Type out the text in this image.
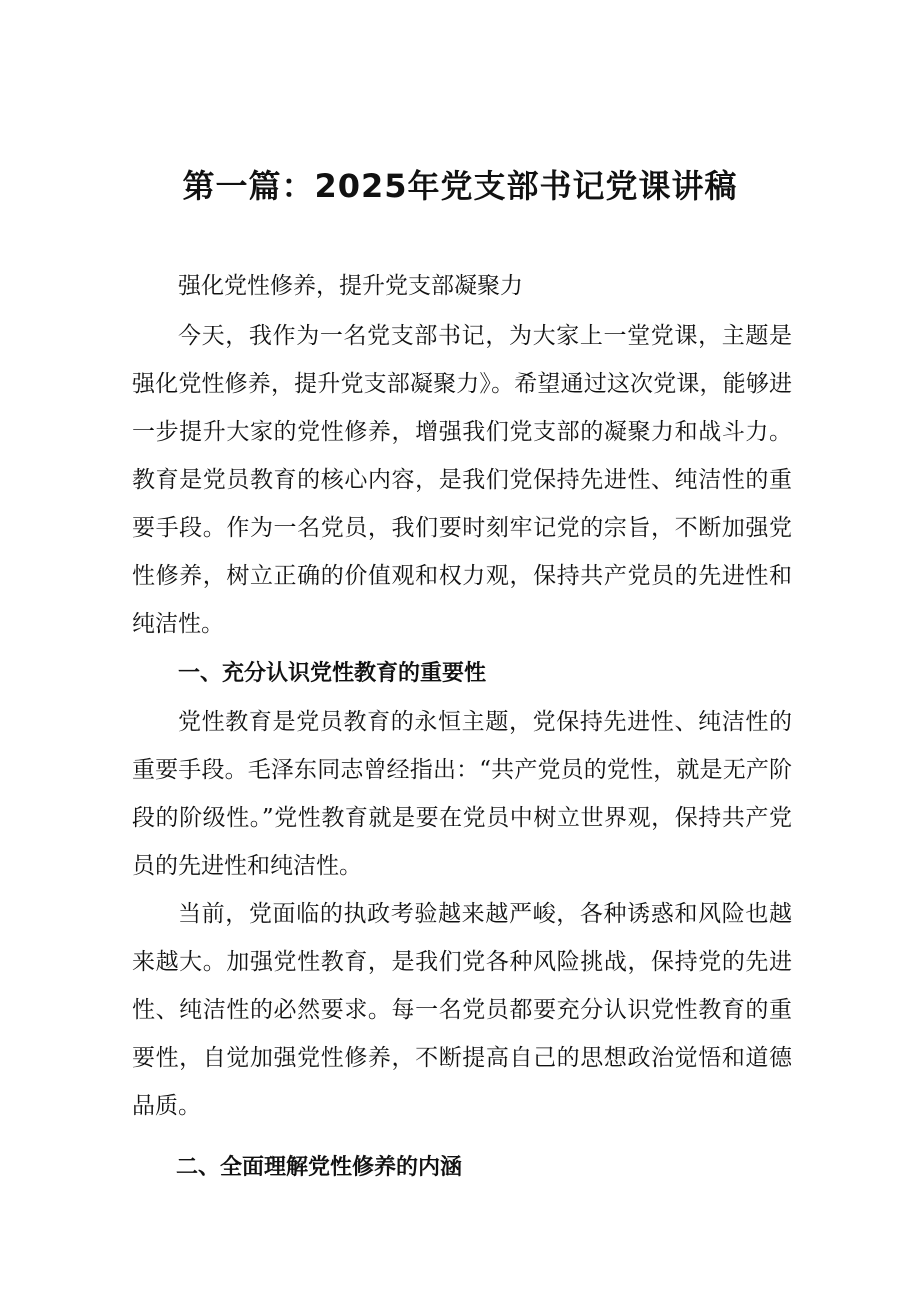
第一篇：2025年党支部书记党课讲稿

强化党性修养，提升党支部凝聚力

今天，我作为一名党支部书记，为大家上一堂党课，主题是强化党性修养，提升党支部凝聚力》。希望通过这次党课，能够进一步提升大家的党性修养，增强我们党支部的凝聚力和战斗力。教育是党员教育的核心内容，是我们党保持先进性、纯洁性的重要手段。作为一名党员，我们要时刻牢记党的宗旨，不断加强党性修养，树立正确的价值观和权力观，保持共产党员的先进性和纯洁性。

一、充分认识党性教育的重要性

党性教育是党员教育的永恒主题，党保持先进性、纯洁性的重要手段。毛泽东同志曾经指出：“共产党员的党性，就是无产阶段的阶级性。”党性教育就是要在党员中树立世界观，保持共产党员的先进性和纯洁性。

当前，党面临的执政考验越来越严峻，各种诱惑和风险也越来越大。加强党性教育，是我们党各种风险挑战，保持党的先进性、纯洁性的必然要求。每一名党员都要充分认识党性教育的重要性，自觉加强党性修养，不断提高自己的思想政治觉悟和道德品质。

二、全面理解党性修养的内涵
